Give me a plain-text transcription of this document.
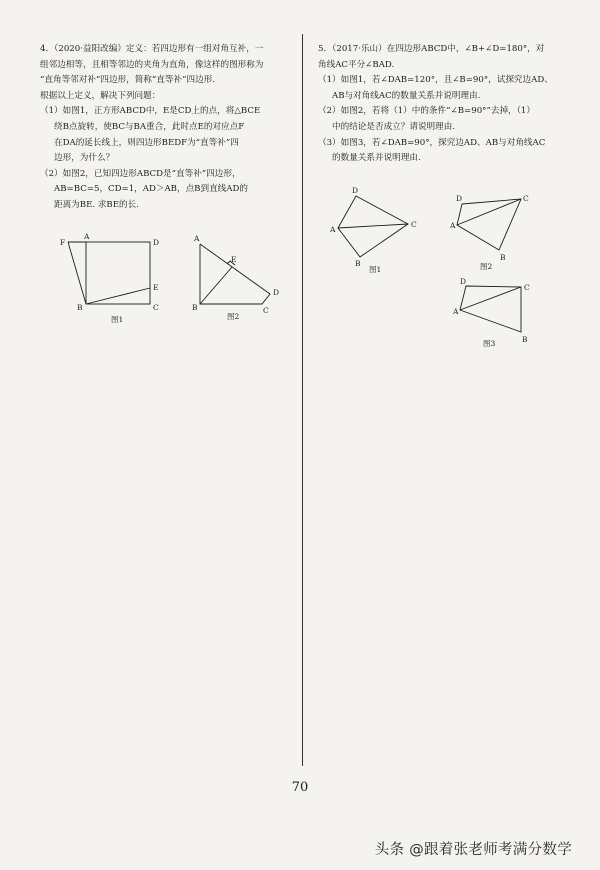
4．（2020·益阳改编）定义：若四边形有一组对角互补，一

组邻边相等，且相等邻边的夹角为直角，像这样的图形称为

“直角等邻对补”四边形，简称“直等补”四边形.

根据以上定义，解决下列问题：

（1）如图1，正方形ABCD中，E是CD上的点，将△BCE

绕B点旋转，使BC与BA重合，此时点E的对应点F

在DA的延长线上，则四边形BEDF为“直等补”四

边形，为什么？

（2）如图2，已知四边形ABCD是“直等补”四边形，

AB=BC=5，CD=1，AD＞AB，点B到直线AD的

距离为BE. 求BE的长.

F
A
D
E
B	C
图1
A
E
D
B	C
图2

5．（2017·乐山）在四边形ABCD中，∠B+∠D=180°，对

角线AC平分∠BAD.

（1）如图1，若∠DAB=120°，且∠B=90°，试探究边AD、

AB与对角线AC的数量关系并说明理由.

（2）如图2，若将（1）中的条件“∠B=90°”去掉，（1）

中的结论是否成立？请说明理由.

（3）如图3，若∠DAB=90°，探究边AD、AB与对角线AC

的数量关系并说明理由.

D
A
C
B
图1
D	C
A
B
图2
D
C
A
B
图3
70
头条 @跟着张老师考满分数学
